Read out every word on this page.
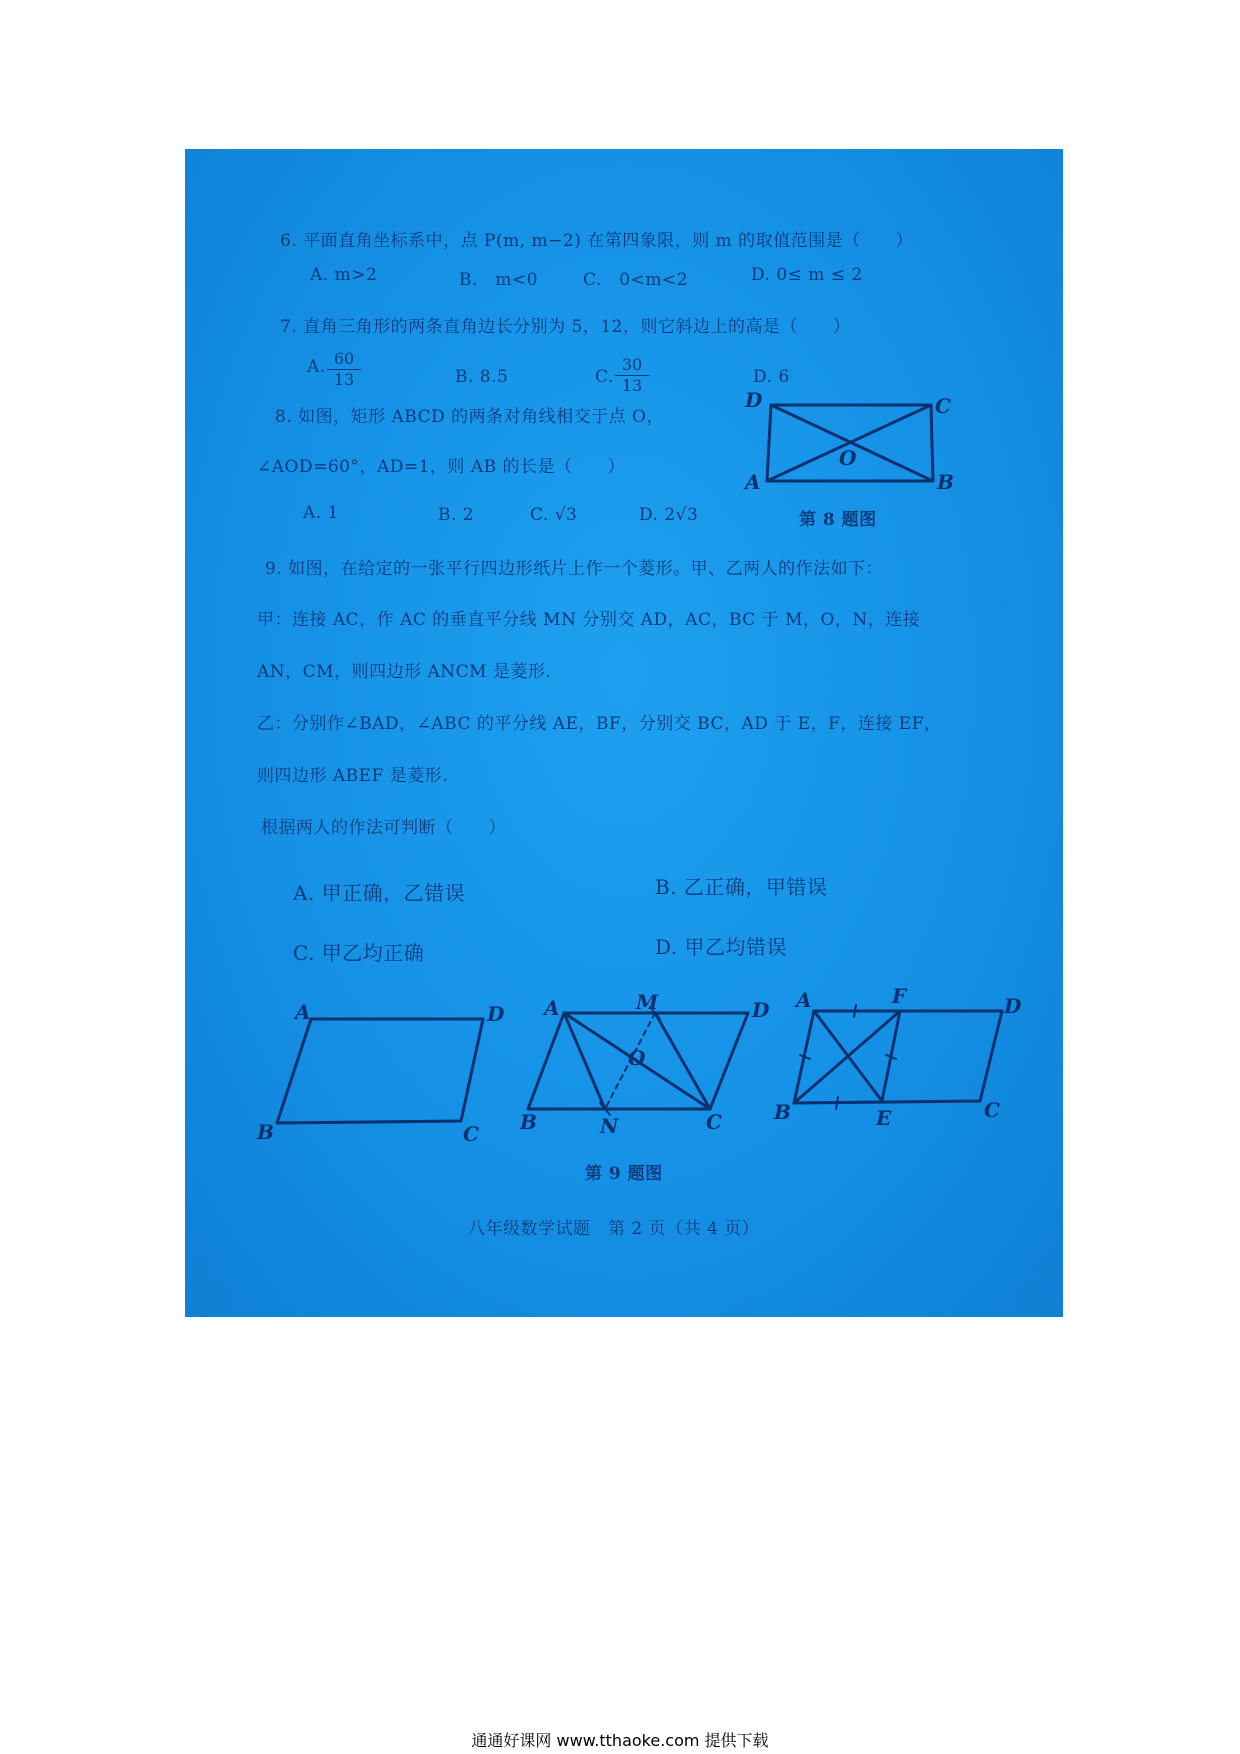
6. 平面直角坐标系中，点 P(m, m−2) 在第四象限，则 m 的取值范围是（　　）
A. m>2	B.　m<0	C.　0<m<2	D. 0≤ m ≤ 2
7. 直角三角形的两条直角边长分别为 5，12，则它斜边上的高是（　　）
A. $\frac{60}{13}$	B. 8.5	C. $\frac{30}{13}$	D. 6
8. 如图，矩形 ABCD 的两条对角线相交于点 O，
∠AOD=60°，AD=1，则 AB 的长是（　　）
A. 1	B. 2	C. √3	D. 2√3	第 8 题图
D	C
A	B
O
9. 如图，在给定的一张平行四边形纸片上作一个菱形。甲、乙两人的作法如下：
甲：连接 AC，作 AC 的垂直平分线 MN 分别交 AD，AC，BC 于 M，O，N，连接
AN，CM，则四边形 ANCM 是菱形.
乙：分别作∠BAD，∠ABC 的平分线 AE，BF，分别交 BC，AD 于 E，F，连接 EF，
则四边形 ABEF 是菱形.
根据两人的作法可判断（　　）
A. 甲正确，乙错误	B. 乙正确，甲错误
C. 甲乙均正确	D. 甲乙均错误
A	D
B	C
A	M	D
O
B	N	C
A	F	D
B	E	C
第 9 题图
八年级数学试题　第 2 页（共 4 页）
通通好课网 www.tthaoke.com 提供下载
